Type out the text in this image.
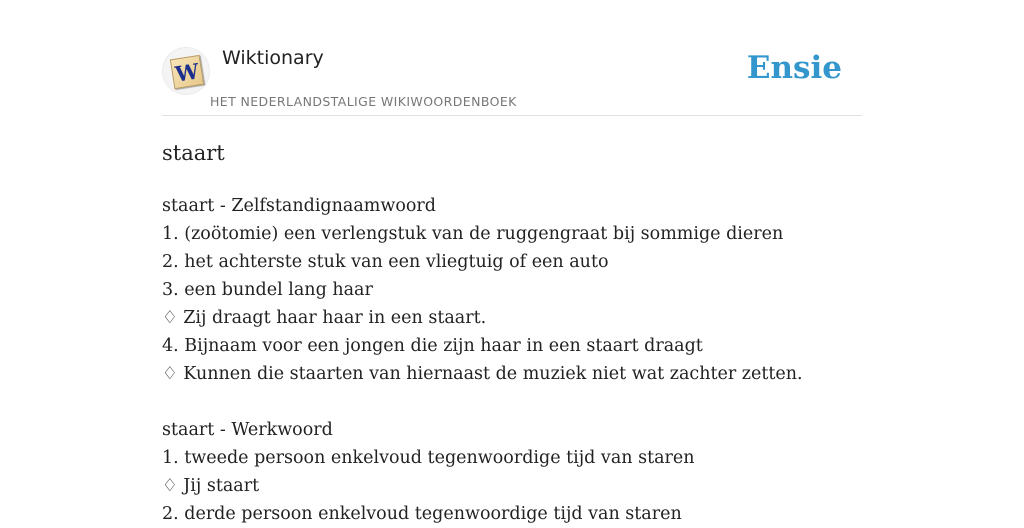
W Wiktionary
HET NEDERLANDSTALIGE WIKIWOORDENBOEK
Ensie
staart
staart - Zelfstandignaamwoord
1. (zoötomie) een verlengstuk van de ruggengraat bij sommige dieren
2. het achterste stuk van een vliegtuig of een auto
3. een bundel lang haar
♢ Zij draagt haar haar in een staart.
4. Bijnaam voor een jongen die zijn haar in een staart draagt
♢ Kunnen die staarten van hiernaast de muziek niet wat zachter zetten.
staart - Werkwoord
1. tweede persoon enkelvoud tegenwoordige tijd van staren
♢ Jij staart
2. derde persoon enkelvoud tegenwoordige tijd van staren
